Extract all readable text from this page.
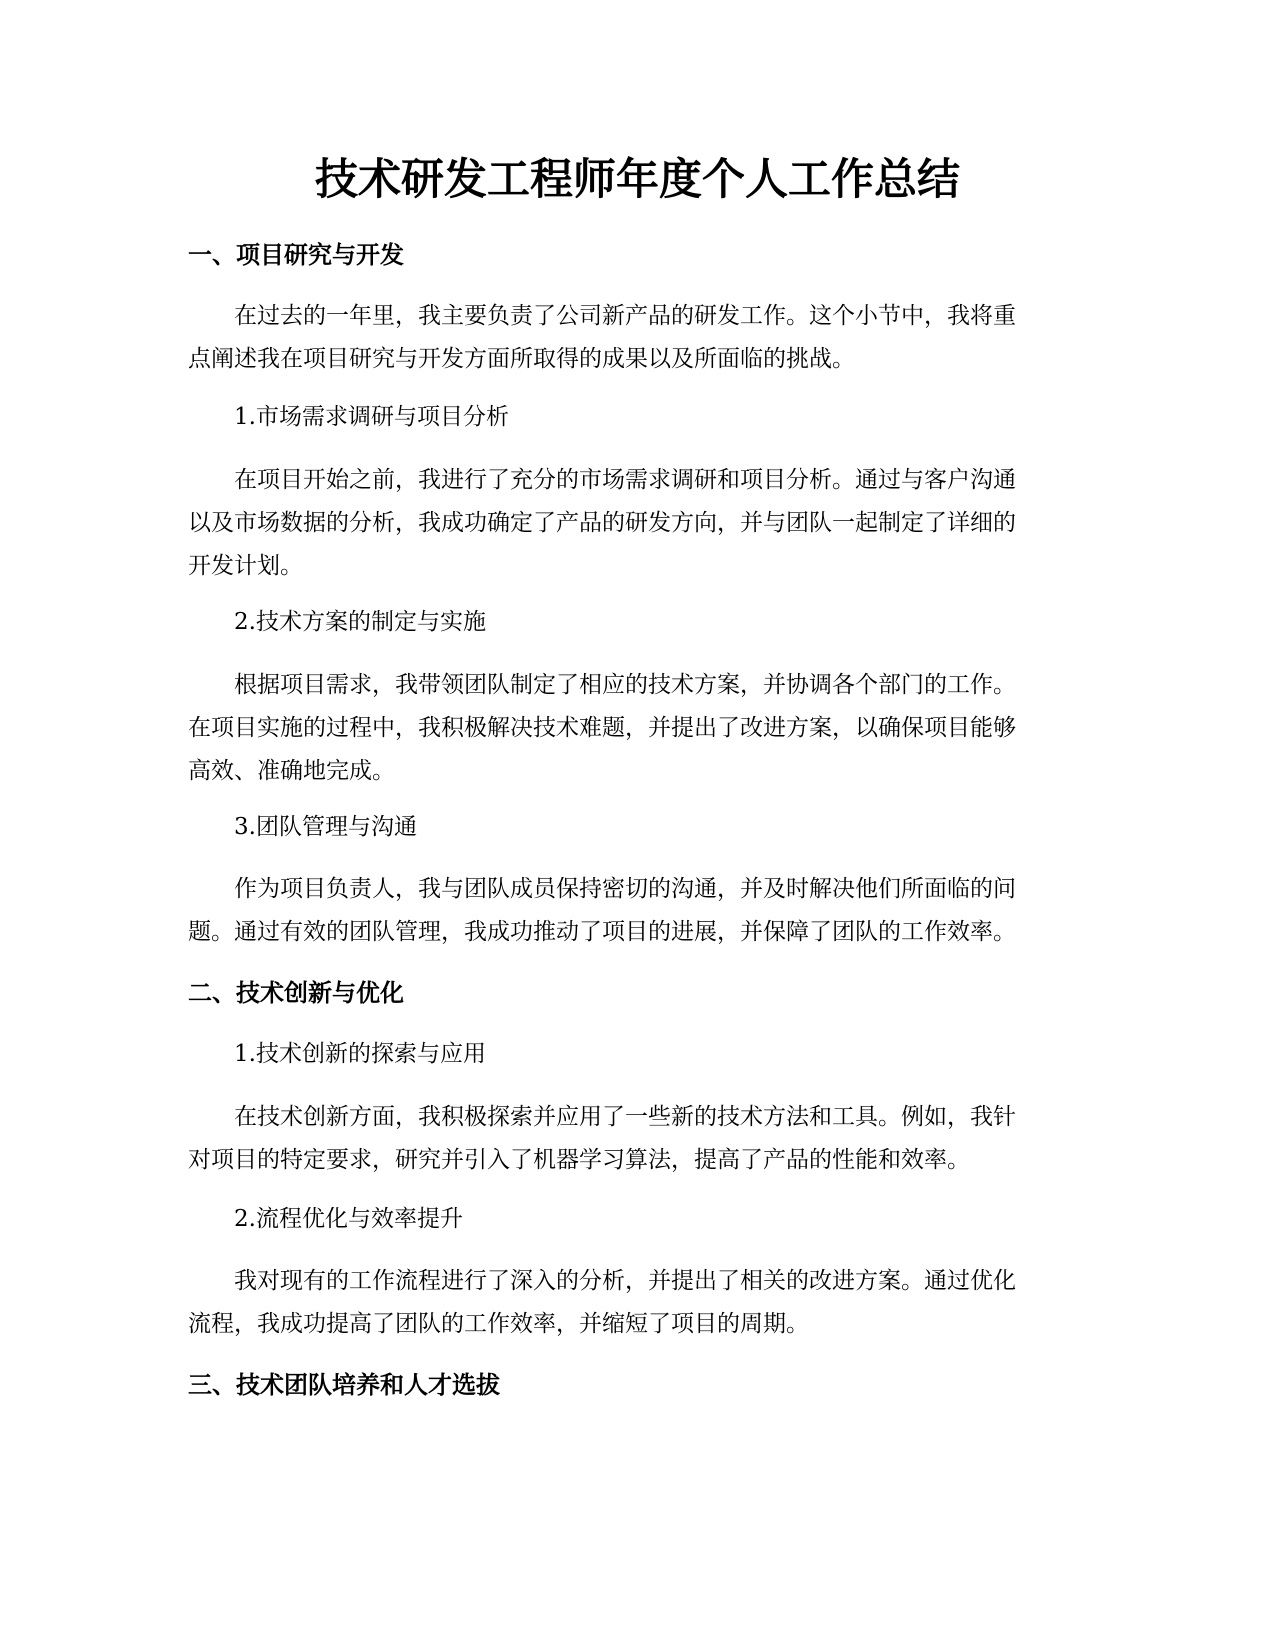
技术研发工程师年度个人工作总结
一、项目研究与开发

在过去的一年里，我主要负责了公司新产品的研发工作。这个小节中，我将重
点阐述我在项目研究与开发方面所取得的成果以及所面临的挑战。

1.市场需求调研与项目分析

在项目开始之前，我进行了充分的市场需求调研和项目分析。通过与客户沟通
以及市场数据的分析，我成功确定了产品的研发方向，并与团队一起制定了详细的
开发计划。

2.技术方案的制定与实施

根据项目需求，我带领团队制定了相应的技术方案，并协调各个部门的工作。
在项目实施的过程中，我积极解决技术难题，并提出了改进方案，以确保项目能够
高效、准确地完成。

3.团队管理与沟通

作为项目负责人，我与团队成员保持密切的沟通，并及时解决他们所面临的问
题。通过有效的团队管理，我成功推动了项目的进展，并保障了团队的工作效率。

二、技术创新与优化

1.技术创新的探索与应用

在技术创新方面，我积极探索并应用了一些新的技术方法和工具。例如，我针
对项目的特定要求，研究并引入了机器学习算法，提高了产品的性能和效率。

2.流程优化与效率提升

我对现有的工作流程进行了深入的分析，并提出了相关的改进方案。通过优化
流程，我成功提高了团队的工作效率，并缩短了项目的周期。

三、技术团队培养和人才选拔
